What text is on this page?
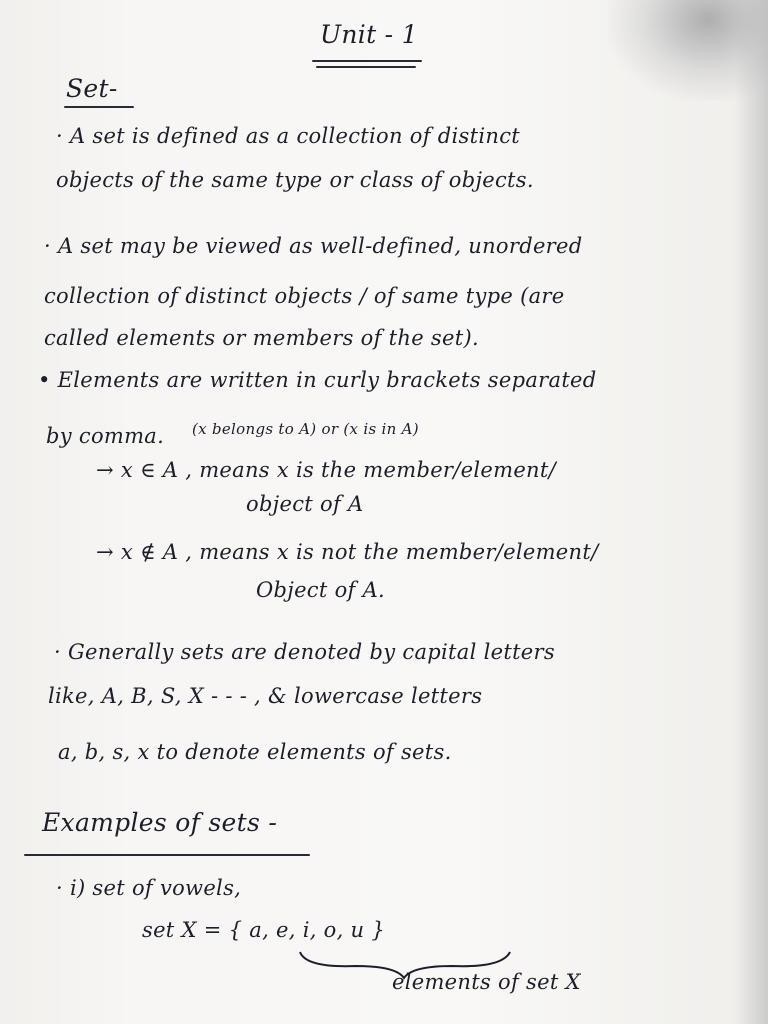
Unit - 1

Set-

· A set is defined as a collection of distinct

objects of the same type or class of objects.

· A set may be viewed as well-defined, unordered

collection of distinct objects / of same type (are

called elements or members of the set).

• Elements are written in curly brackets separated

by comma. (x belongs to A) or (x is in A)

→ x ∈ A , means x is the member/element/

object of A

→ x ∉ A , means x is not the member/element/

Object of A.

· Generally sets are denoted by capital letters

like, A, B, S, X - - - , & lowercase letters

a, b, s, x to denote elements of sets.

Examples of sets -

· i) set of vowels,

set X = { a, e, i, o, u }

elements of set X
